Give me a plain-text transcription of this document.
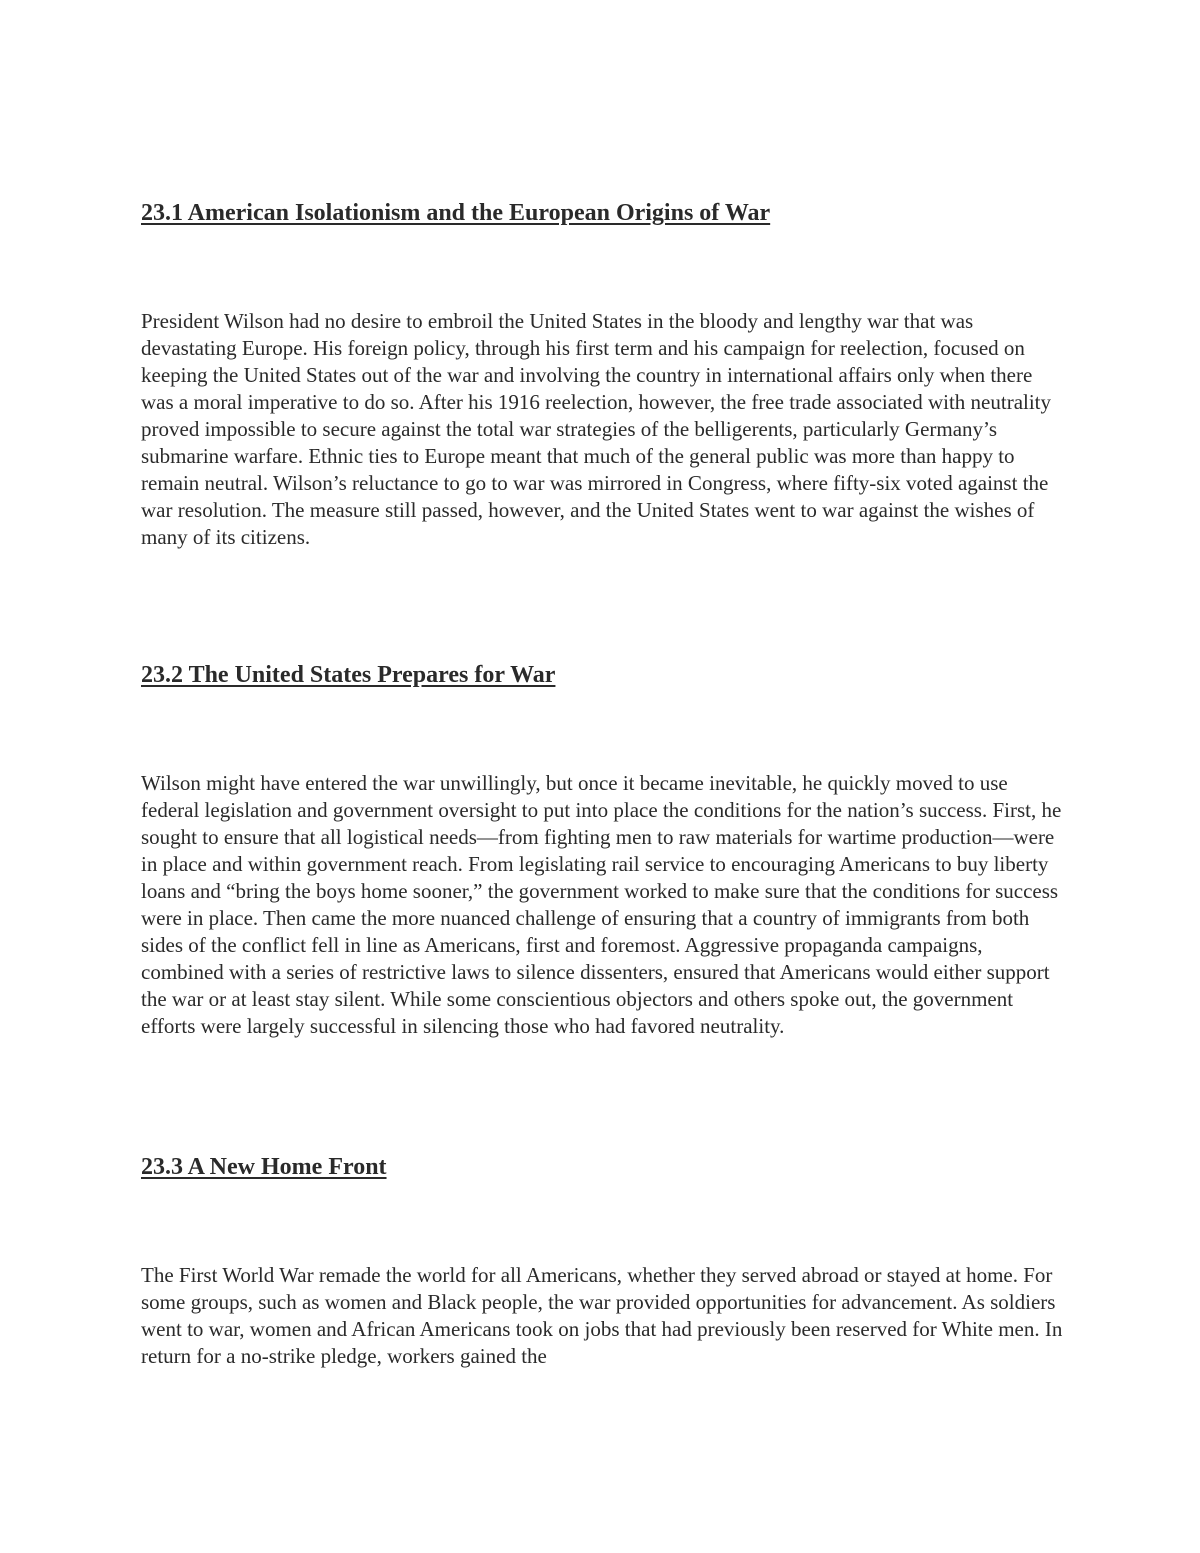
23.1 American Isolationism and the European Origins of War

President Wilson had no desire to embroil the United States in the bloody and lengthy war that was devastating Europe. His foreign policy, through his first term and his campaign for reelection, focused on keeping the United States out of the war and involving the country in international affairs only when there was a moral imperative to do so. After his 1916 reelection, however, the free trade associated with neutrality proved impossible to secure against the total war strategies of the belligerents, particularly Germany’s submarine warfare. Ethnic ties to Europe meant that much of the general public was more than happy to remain neutral. Wilson’s reluctance to go to war was mirrored in Congress, where fifty-six voted against the war resolution. The measure still passed, however, and the United States went to war against the wishes of many of its citizens.

23.2 The United States Prepares for War

Wilson might have entered the war unwillingly, but once it became inevitable, he quickly moved to use federal legislation and government oversight to put into place the conditions for the nation’s success. First, he sought to ensure that all logistical needs—from fighting men to raw materials for wartime production—were in place and within government reach. From legislating rail service to encouraging Americans to buy liberty loans and “bring the boys home sooner,” the government worked to make sure that the conditions for success were in place. Then came the more nuanced challenge of ensuring that a country of immigrants from both sides of the conflict fell in line as Americans, first and foremost. Aggressive propaganda campaigns, combined with a series of restrictive laws to silence dissenters, ensured that Americans would either support the war or at least stay silent. While some conscientious objectors and others spoke out, the government efforts were largely successful in silencing those who had favored neutrality.

23.3 A New Home Front

The First World War remade the world for all Americans, whether they served abroad or stayed at home. For some groups, such as women and Black people, the war provided opportunities for advancement. As soldiers went to war, women and African Americans took on jobs that had previously been reserved for White men. In return for a no-strike pledge, workers gained the
